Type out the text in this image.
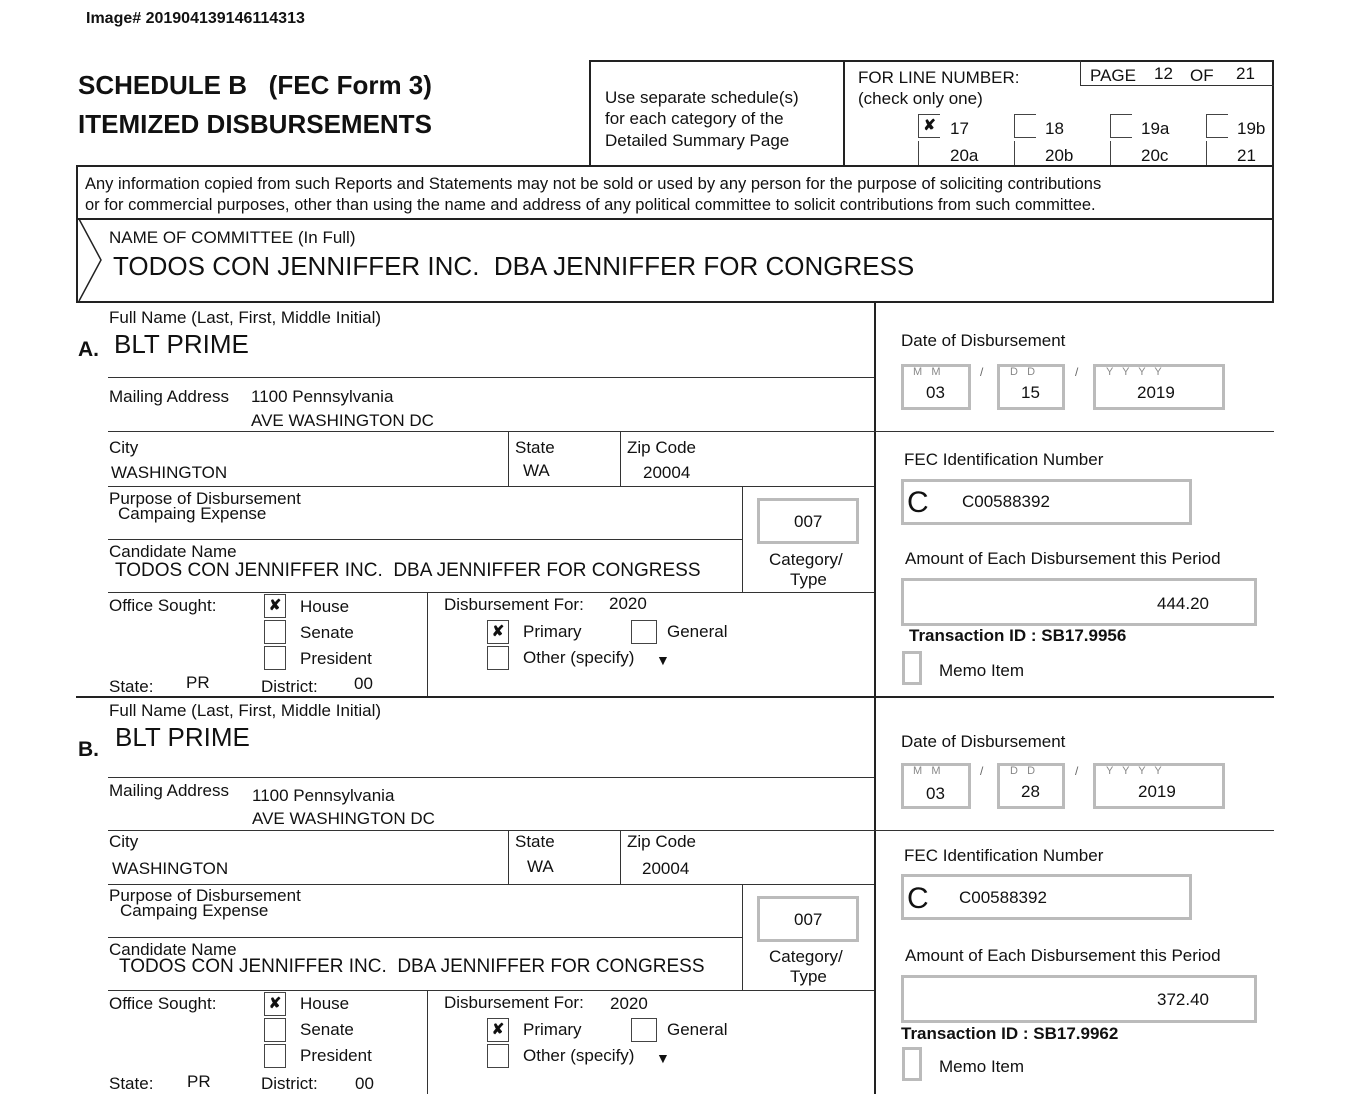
Image# 201904139146114313
SCHEDULE B   (FEC Form 3)
ITEMIZED DISBURSEMENTS
Use separate schedule(s)
for each category of the
Detailed Summary Page
FOR LINE NUMBER:
(check only one)
PAGE 12 OF 21
✘ 17	18	19a	19b
20a	20b	20c	21
Any information copied from such Reports and Statements may not be sold or used by any person for the purpose of soliciting contributions
or for commercial purposes, other than using the name and address of any political committee to solicit contributions from such committee.
NAME OF COMMITTEE (In Full)
TODOS CON JENNIFFER INC.  DBA JENNIFFER FOR CONGRESS
Full Name (Last, First, Middle Initial)
A. BLT PRIME
Mailing Address 1100 Pennsylvania
AVE WASHINGTON DC
City
WASHINGTON
State
WA
Zip Code
20004
Purpose of Disbursement
Campaing Expense	007
Candidate Name
TODOS CON JENNIFFER INC.  DBA JENNIFFER FOR CONGRESS
Category/
Type
Office Sought:	✘ House
Senate
President
State: PR	District: 00
Disbursement For: 2020
✘ Primary	General
Other (specify) ▼
Date of Disbursement
M   M
03
/ D   D
15
/	Y   Y   Y   Y
2019
FEC Identification Number
C C00588392
Amount of Each Disbursement this Period
444.20
Transaction ID : SB17.9956
Memo Item
Full Name (Last, First, Middle Initial)
B. BLT PRIME
Mailing Address 1100 Pennsylvania
AVE WASHINGTON DC
City
WASHINGTON
State
WA
Zip Code
20004
Purpose of Disbursement
Campaing Expense	007
Candidate Name
TODOS CON JENNIFFER INC.  DBA JENNIFFER FOR CONGRESS	Category/
Type
Office Sought:	✘ House
Senate
President
State: PR	District: 00
Disbursement For: 2020
✘ Primary	General
Other (specify) ▼
Date of Disbursement
M   M
03
/ D   D
28
/	Y   Y   Y   Y
2019
FEC Identification Number
C C00588392
Amount of Each Disbursement this Period
372.40
Transaction ID : SB17.9962
Memo Item
